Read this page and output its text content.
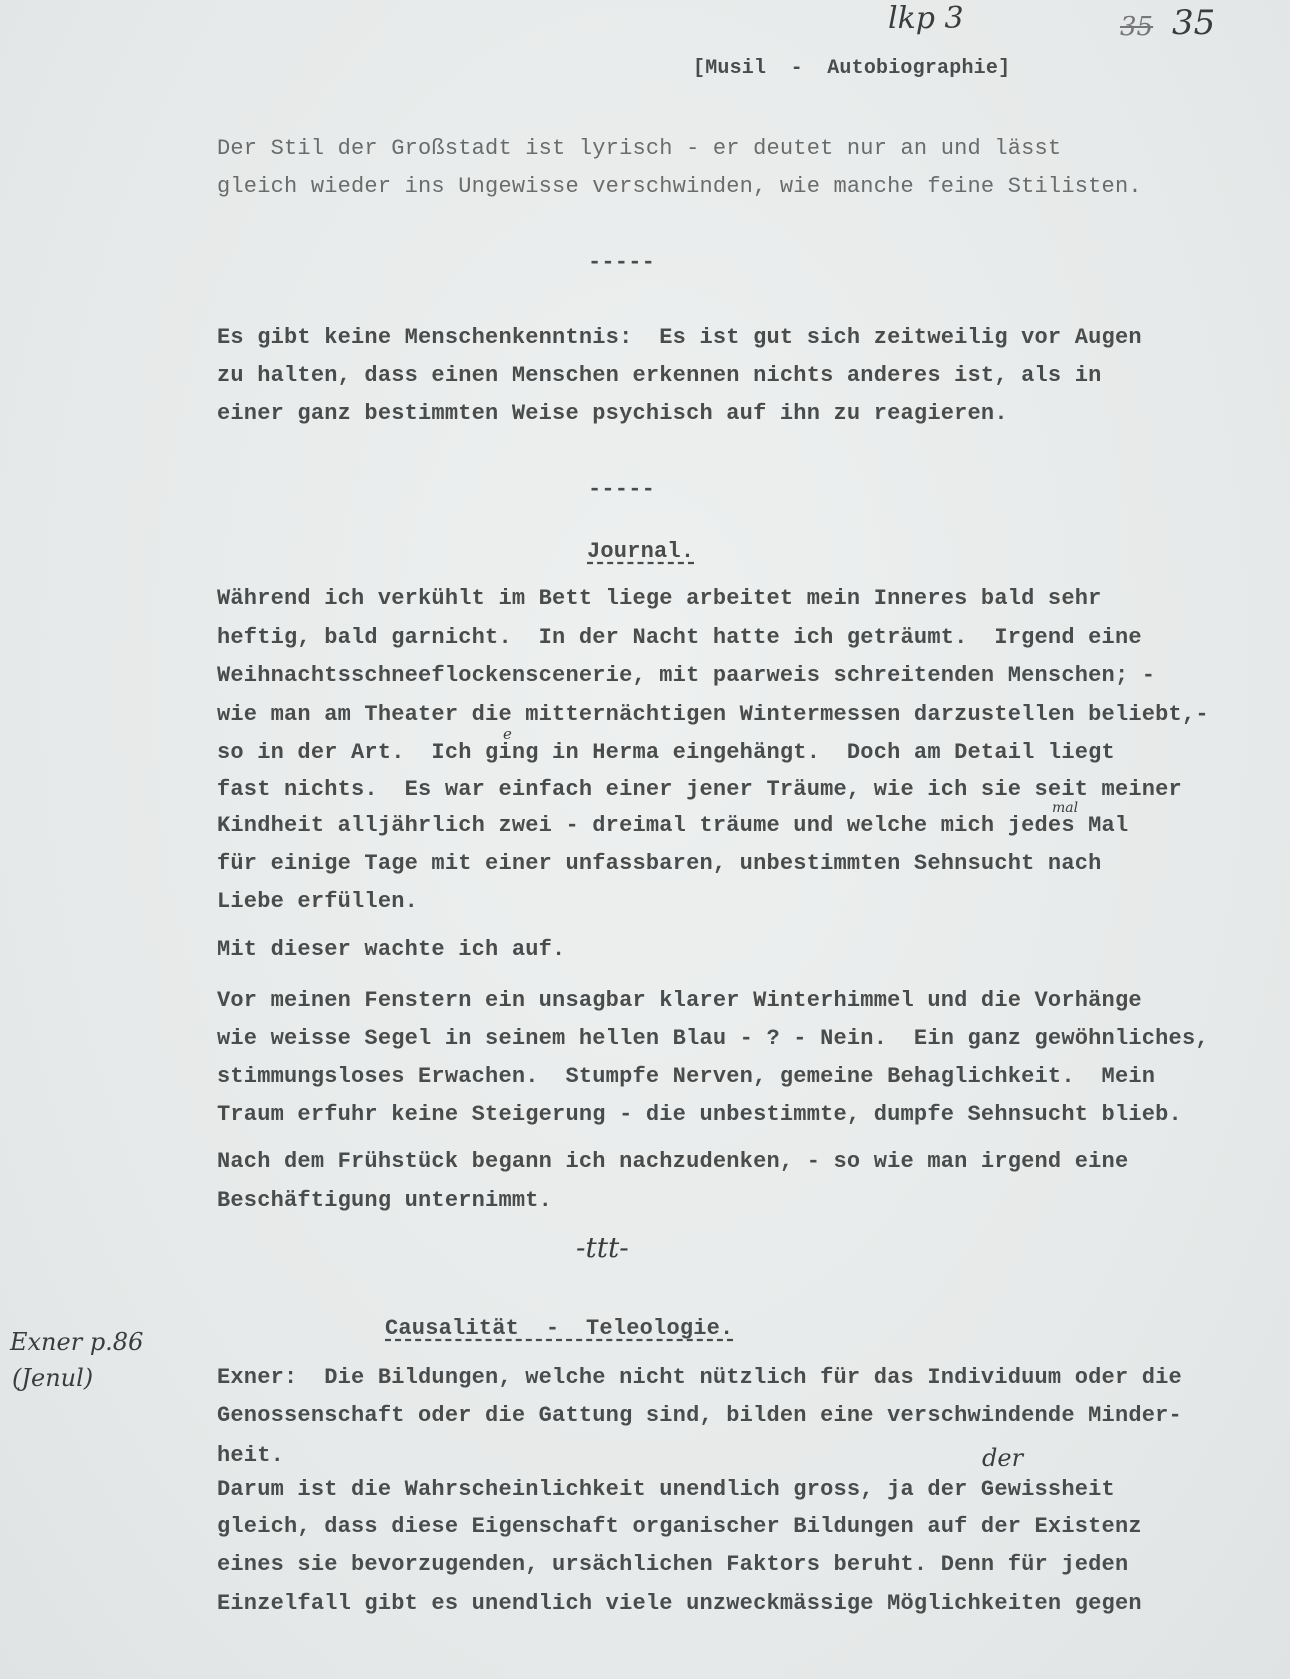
lkp 3	35 35
[Musil  -  Autobiographie]
Der Stil der Großstadt ist lyrisch - er deutet nur an und lässt
gleich wieder ins Ungewisse verschwinden, wie manche feine Stilisten.
-----
Es gibt keine Menschenkenntnis:  Es ist gut sich zeitweilig vor Augen
zu halten, dass einen Menschen erkennen nichts anderes ist, als in
einer ganz bestimmten Weise psychisch auf ihn zu reagieren.
-----
Journal.
Während ich verkühlt im Bett liege arbeitet mein Inneres bald sehr
heftig, bald garnicht.  In der Nacht hatte ich geträumt.  Irgend eine
Weihnachtsschneeflockenscenerie, mit paarweis schreitenden Menschen; -
wie man am Theater die mitternächtigen Wintermessen darzustellen beliebt,-
e
so in der Art.  Ich ging in Herma eingehängt.  Doch am Detail liegt
fast nichts.  Es war einfach einer jener Träume, wie ich sie seit meiner
mal
Kindheit alljährlich zwei - dreimal träume und welche mich jedes Mal
für einige Tage mit einer unfassbaren, unbestimmten Sehnsucht nach
Liebe erfüllen.
Mit dieser wachte ich auf.
Vor meinen Fenstern ein unsagbar klarer Winterhimmel und die Vorhänge
wie weisse Segel in seinem hellen Blau - ? - Nein.  Ein ganz gewöhnliches,
stimmungsloses Erwachen.  Stumpfe Nerven, gemeine Behaglichkeit.  Mein
Traum erfuhr keine Steigerung - die unbestimmte, dumpfe Sehnsucht blieb.
Nach dem Frühstück begann ich nachzudenken, - so wie man irgend eine
Beschäftigung unternimmt.
-ttt-
Causalität  -  Teleologie.
Exner p.86
(Jenul)	Exner:  Die Bildungen, welche nicht nützlich für das Individuum oder die
Genossenschaft oder die Gattung sind, bilden eine verschwindende Minder-
heit.	der
Darum ist die Wahrscheinlichkeit unendlich gross, ja der Gewissheit
gleich, dass diese Eigenschaft organischer Bildungen auf der Existenz
eines sie bevorzugenden, ursächlichen Faktors beruht. Denn für jeden
Einzelfall gibt es unendlich viele unzweckmässige Möglichkeiten gegen
